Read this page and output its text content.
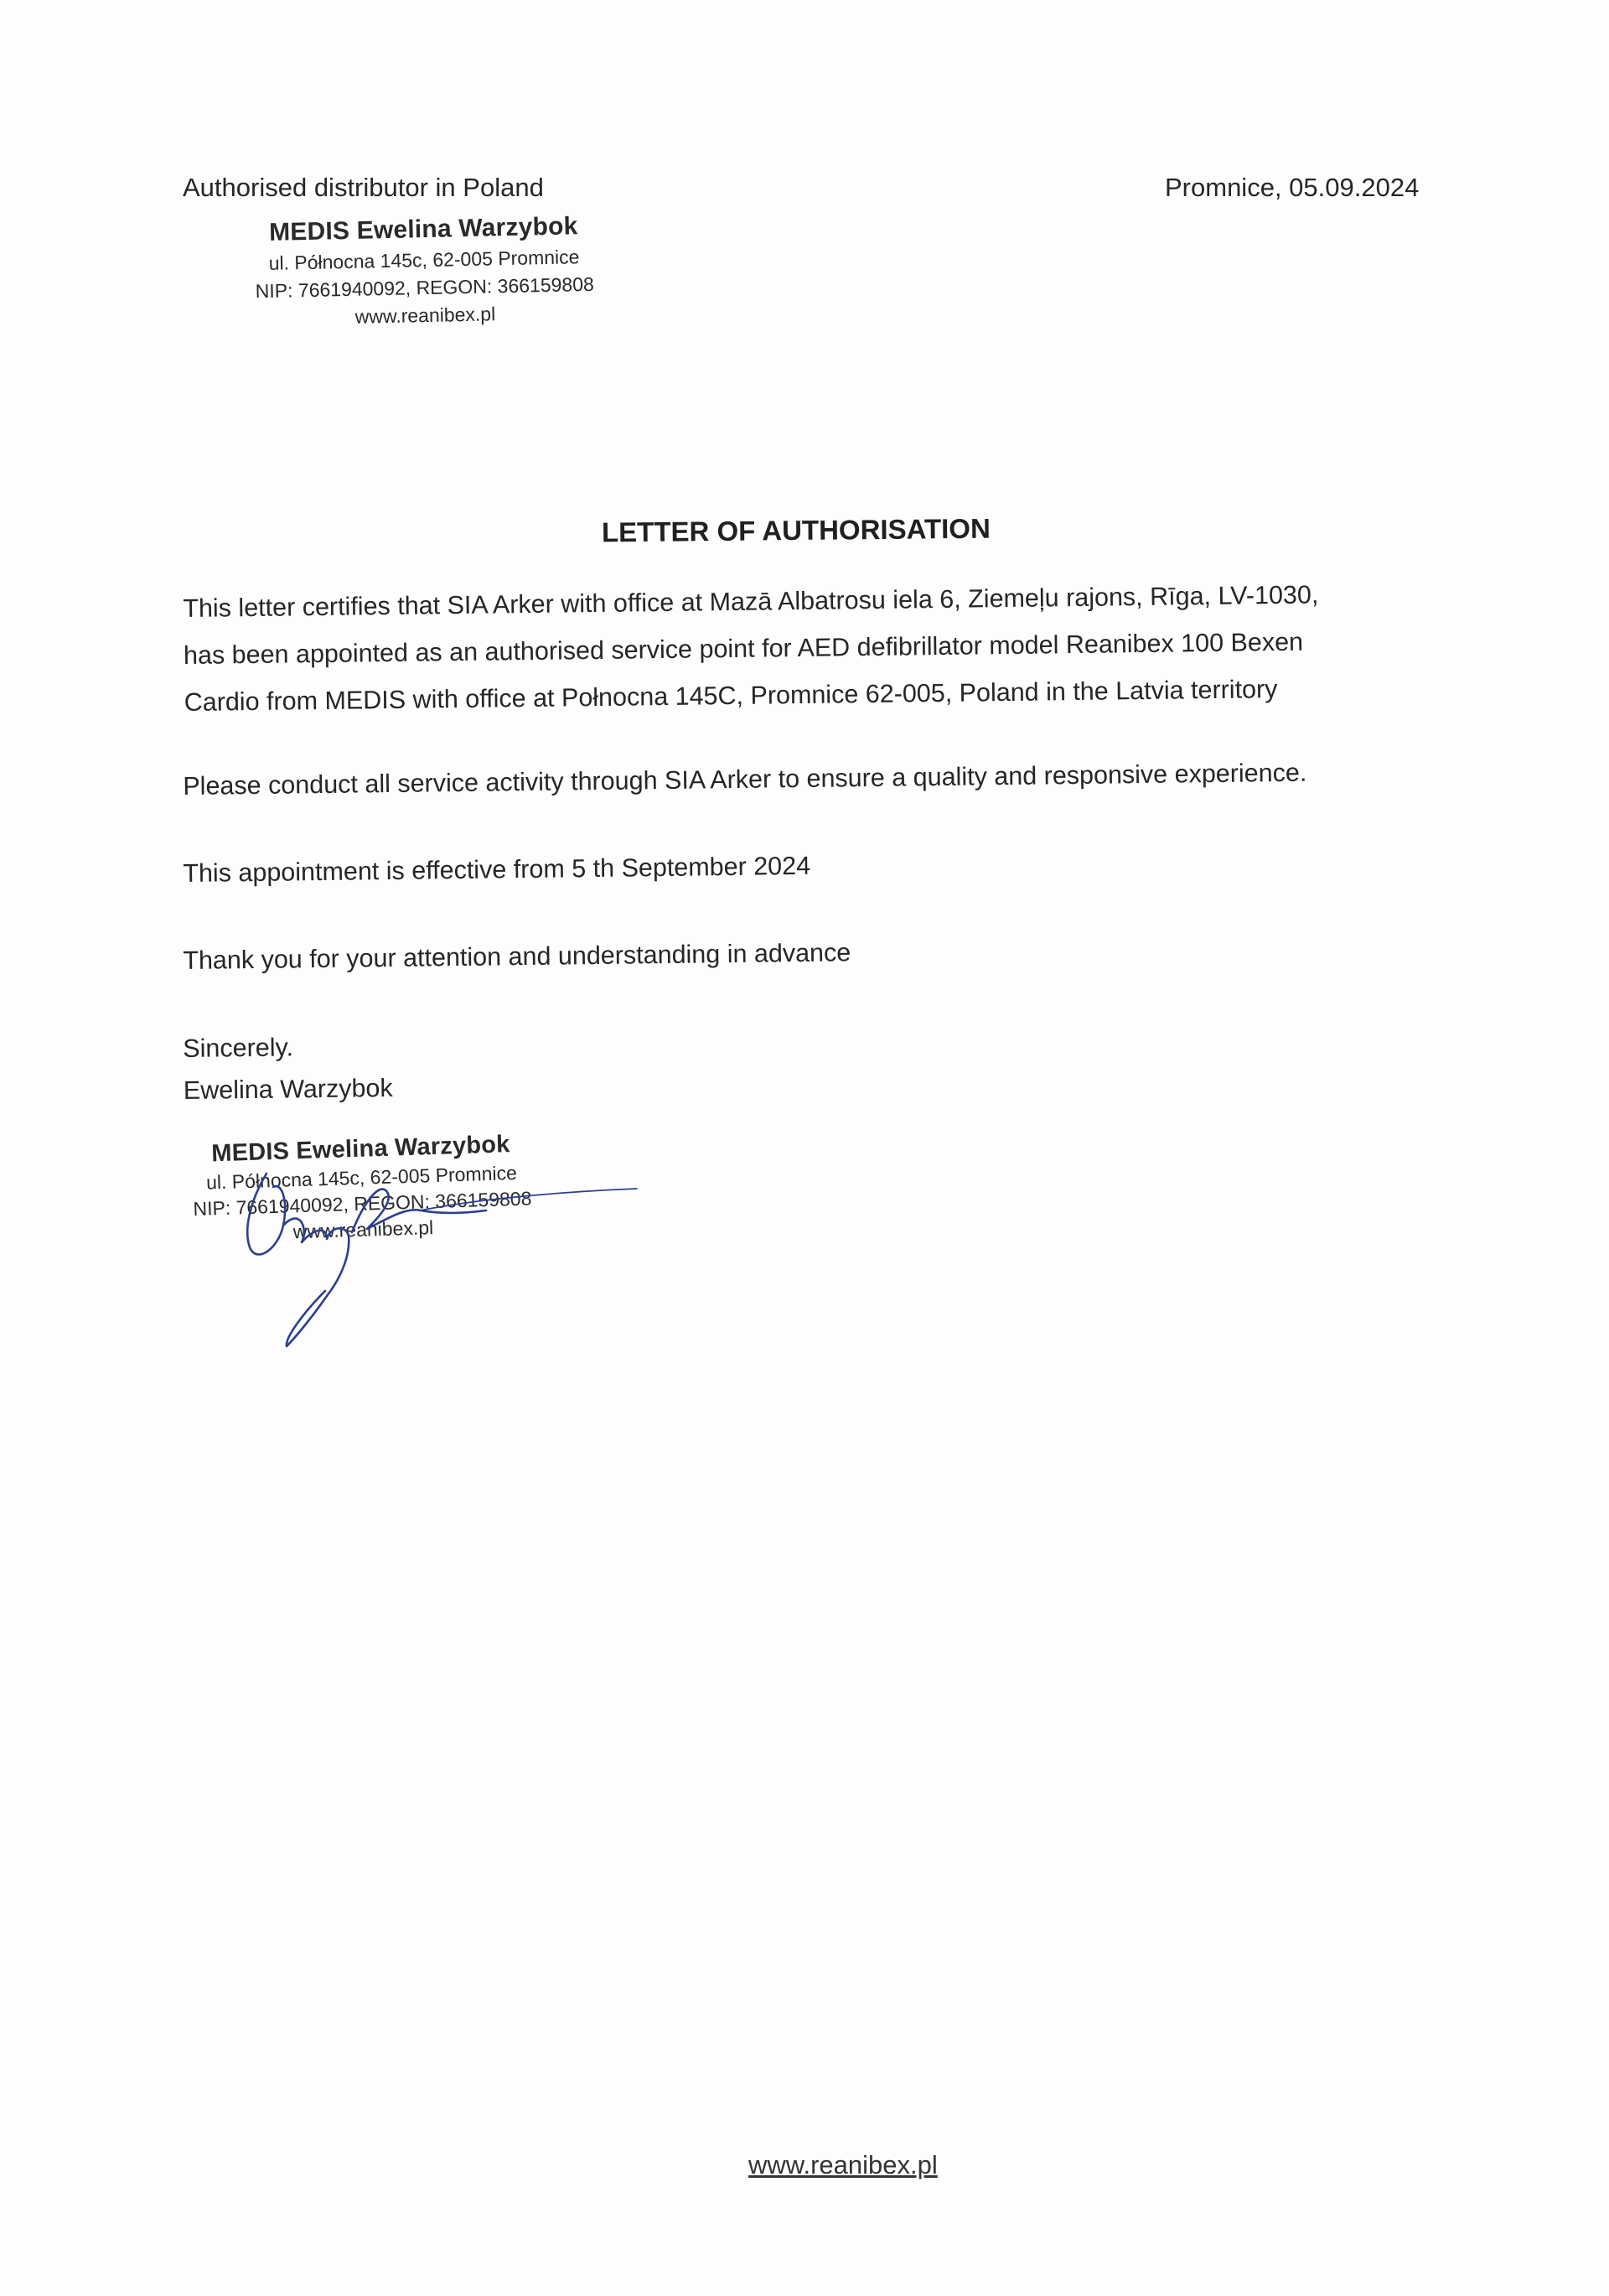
Authorised distributor in Poland	Promnice, 05.09.2024
MEDIS Ewelina Warzybok
ul. Północna 145c, 62-005 Promnice
NIP: 7661940092, REGON: 366159808
www.reanibex.pl
LETTER OF AUTHORISATION
This letter certifies that SIA Arker with office at Mazā Albatrosu iela 6, Ziemeļu rajons, Rīga, LV-1030,
has been appointed as an authorised service point for AED defibrillator model Reanibex 100 Bexen
Cardio from MEDIS with office at Połnocna 145C, Promnice 62-005, Poland in the Latvia territory
Please conduct all service activity through SIA Arker to ensure a quality and responsive experience.
This appointment is effective from 5 th September 2024
Thank you for your attention and understanding in advance
Sincerely.
Ewelina Warzybok
MEDIS Ewelina Warzybok
ul. Północna 145c, 62-005 Promnice
NIP: 7661940092, REGON: 366159808
www.reanibex.pl
www.reanibex.pl
